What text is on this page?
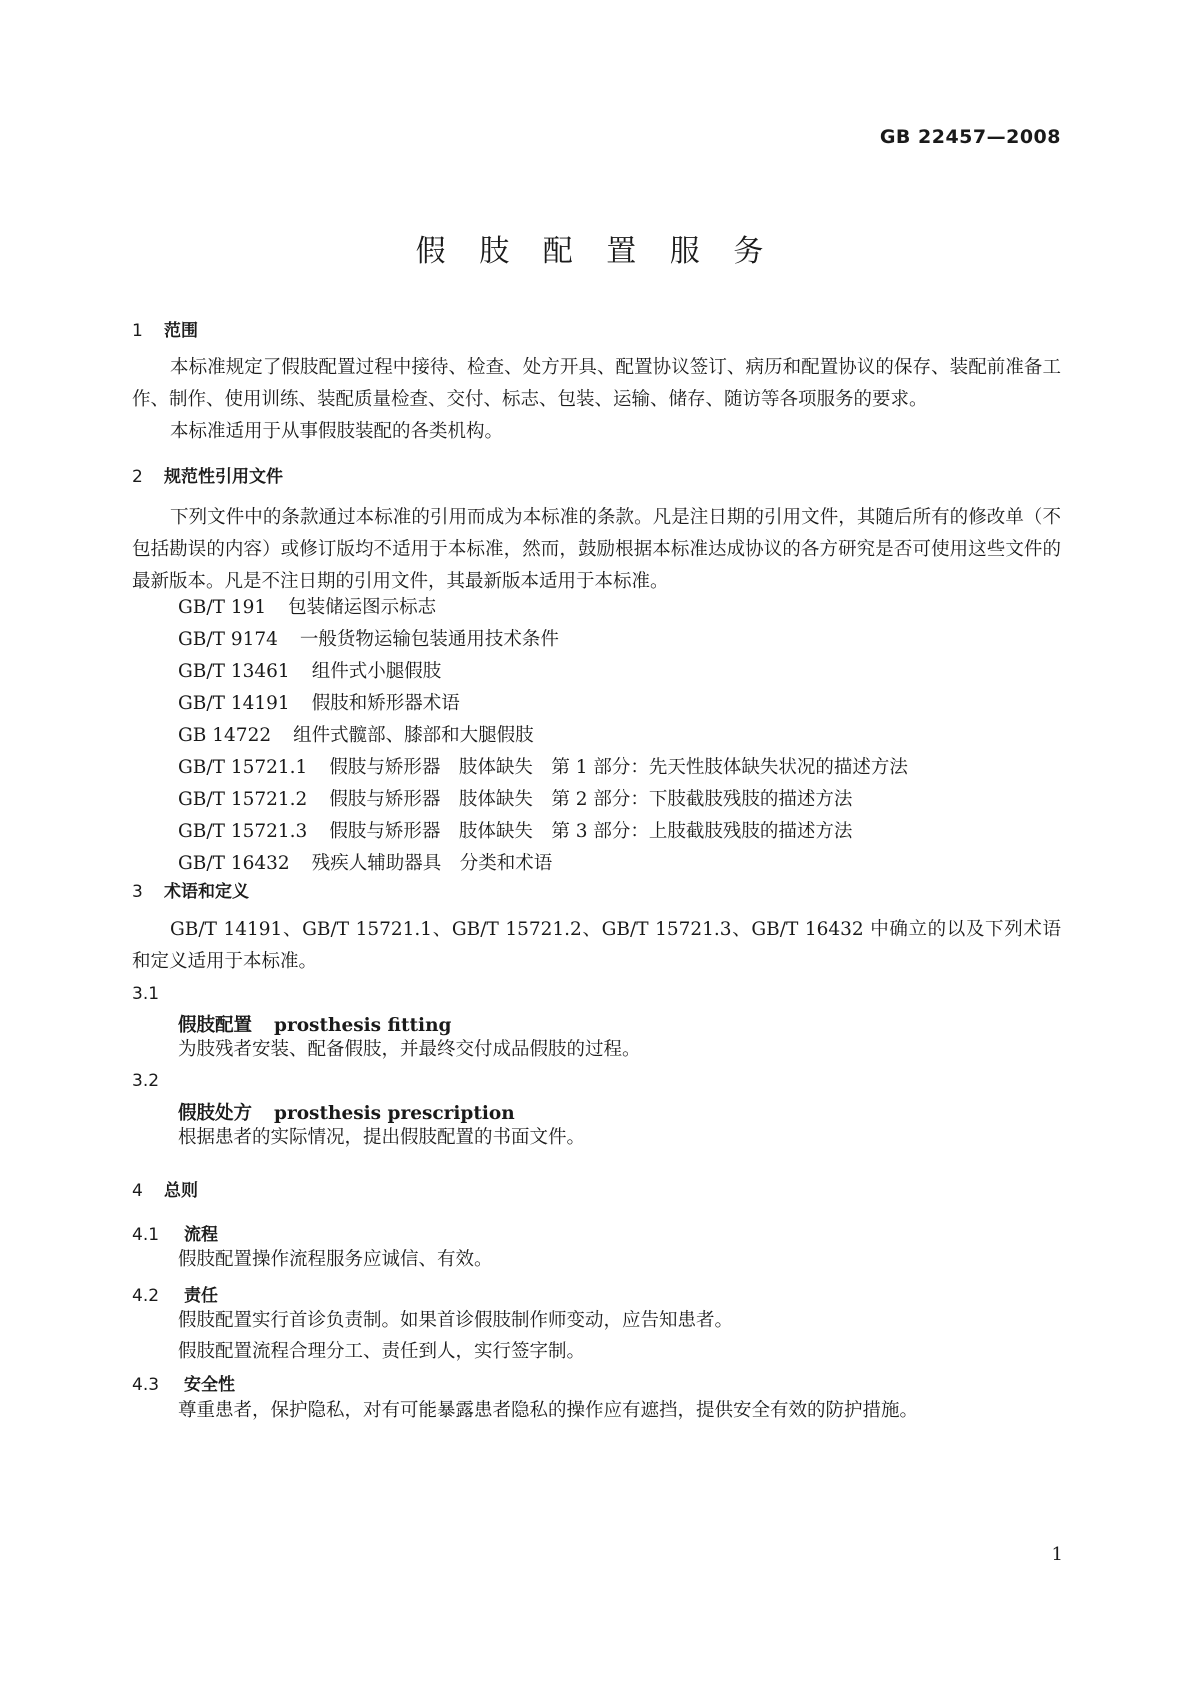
GB 22457—2008
假 肢 配 置 服 务
1 范围
本标准规定了假肢配置过程中接待、检查、处方开具、配置协议签订、病历和配置协议的保存、装配前准备工作、制作、使用训练、装配质量检查、交付、标志、包装、运输、储存、随访等各项服务的要求。
本标准适用于从事假肢装配的各类机构。
2 规范性引用文件
下列文件中的条款通过本标准的引用而成为本标准的条款。凡是注日期的引用文件，其随后所有的修改单（不包括勘误的内容）或修订版均不适用于本标准，然而，鼓励根据本标准达成协议的各方研究是否可使用这些文件的最新版本。凡是不注日期的引用文件，其最新版本适用于本标准。
GB/T 191 包装储运图示标志
GB/T 9174 一般货物运输包装通用技术条件
GB/T 13461 组件式小腿假肢
GB/T 14191 假肢和矫形器术语
GB 14722 组件式髋部、膝部和大腿假肢
GB/T 15721.1 假肢与矫形器　肢体缺失　第 1 部分：先天性肢体缺失状况的描述方法
GB/T 15721.2 假肢与矫形器　肢体缺失　第 2 部分：下肢截肢残肢的描述方法
GB/T 15721.3 假肢与矫形器　肢体缺失　第 3 部分：上肢截肢残肢的描述方法
GB/T 16432 残疾人辅助器具　分类和术语
3 术语和定义
GB/T 14191、GB/T 15721.1、GB/T 15721.2、GB/T 15721.3、GB/T 16432 中确立的以及下列术语和定义适用于本标准。
3.1
假肢配置 prosthesis fitting
为肢残者安装、配备假肢，并最终交付成品假肢的过程。
3.2
假肢处方 prosthesis prescription
根据患者的实际情况，提出假肢配置的书面文件。
4 总则
4.1 流程
假肢配置操作流程服务应诚信、有效。
4.2 责任
假肢配置实行首诊负责制。如果首诊假肢制作师变动，应告知患者。
假肢配置流程合理分工、责任到人，实行签字制。
4.3 安全性
尊重患者，保护隐私，对有可能暴露患者隐私的操作应有遮挡，提供安全有效的防护措施。
1
